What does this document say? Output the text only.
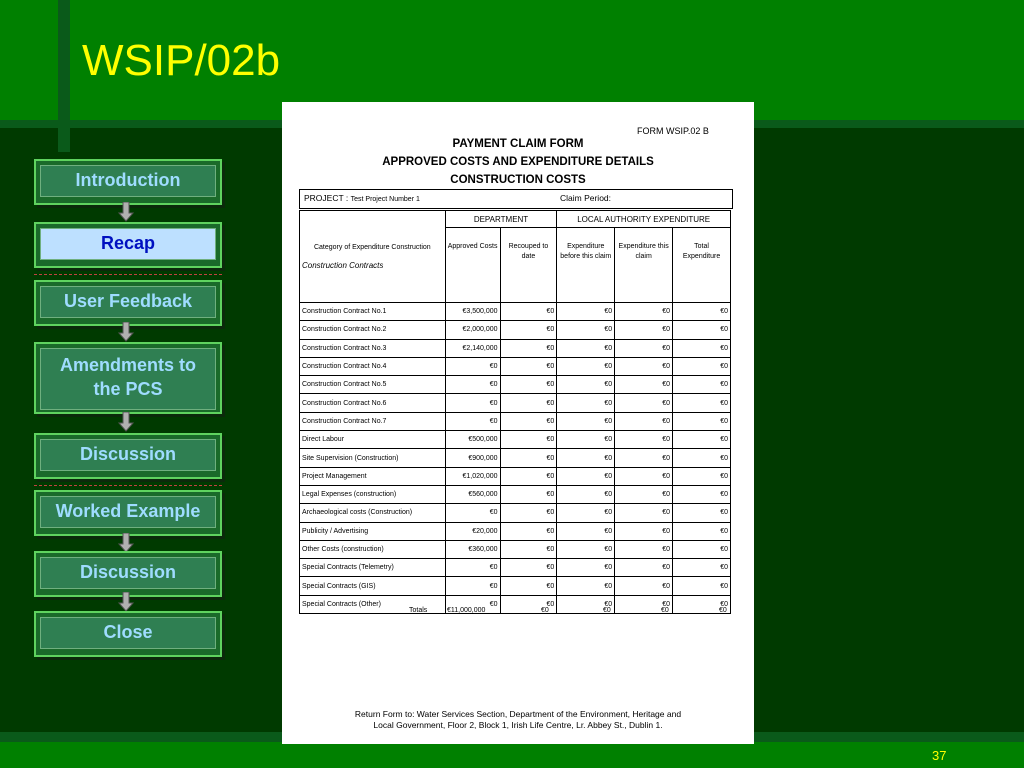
WSIP/02b
37
Introduction
Recap
User Feedback
Amendments to the PCS
Discussion
Worked Example
Discussion
Close
FORM WSIP.02 B
PAYMENT CLAIM FORM
APPROVED COSTS AND EXPENDITURE DETAILS
CONSTRUCTION COSTS
PROJECT : Test Project Number 1	Claim Period:
Category of Expenditure Construction
Construction Contracts	DEPARTMENT		LOCAL AUTHORITY EXPENDITURE		
	Approved Costs	Recouped to date	Expenditure before this claim	Expenditure this claim	Total Expenditure
Construction Contract No.1	€3,500,000	€0	€0	€0	€0
Construction Contract No.2	€2,000,000	€0	€0	€0	€0
Construction Contract No.3	€2,140,000	€0	€0	€0	€0
Construction Contract No.4	€0	€0	€0	€0	€0
Construction Contract No.5	€0	€0	€0	€0	€0
Construction Contract No.6	€0	€0	€0	€0	€0
Construction Contract No.7	€0	€0	€0	€0	€0
Direct Labour	€500,000	€0	€0	€0	€0
Site Supervision (Construction)	€900,000	€0	€0	€0	€0
Project Management	€1,020,000	€0	€0	€0	€0
Legal Expenses (construction)	€560,000	€0	€0	€0	€0
Archaeological costs (Construction)	€0	€0	€0	€0	€0
Publicity / Advertising	€20,000	€0	€0	€0	€0
Other Costs (construction)	€360,000	€0	€0	€0	€0
Special Contracts (Telemetry)	€0	€0	€0	€0	€0
Special Contracts (GIS)	€0	€0	€0	€0	€0
Special Contracts (Other)	€0	€0	€0	€0	€0
Totals	€11,000,000	€0	€0	€0	€0
Return Form to: Water Services Section, Department of the Environment, Heritage and
Local Government, Floor 2, Block 1, Irish Life Centre, Lr. Abbey St., Dublin 1.
